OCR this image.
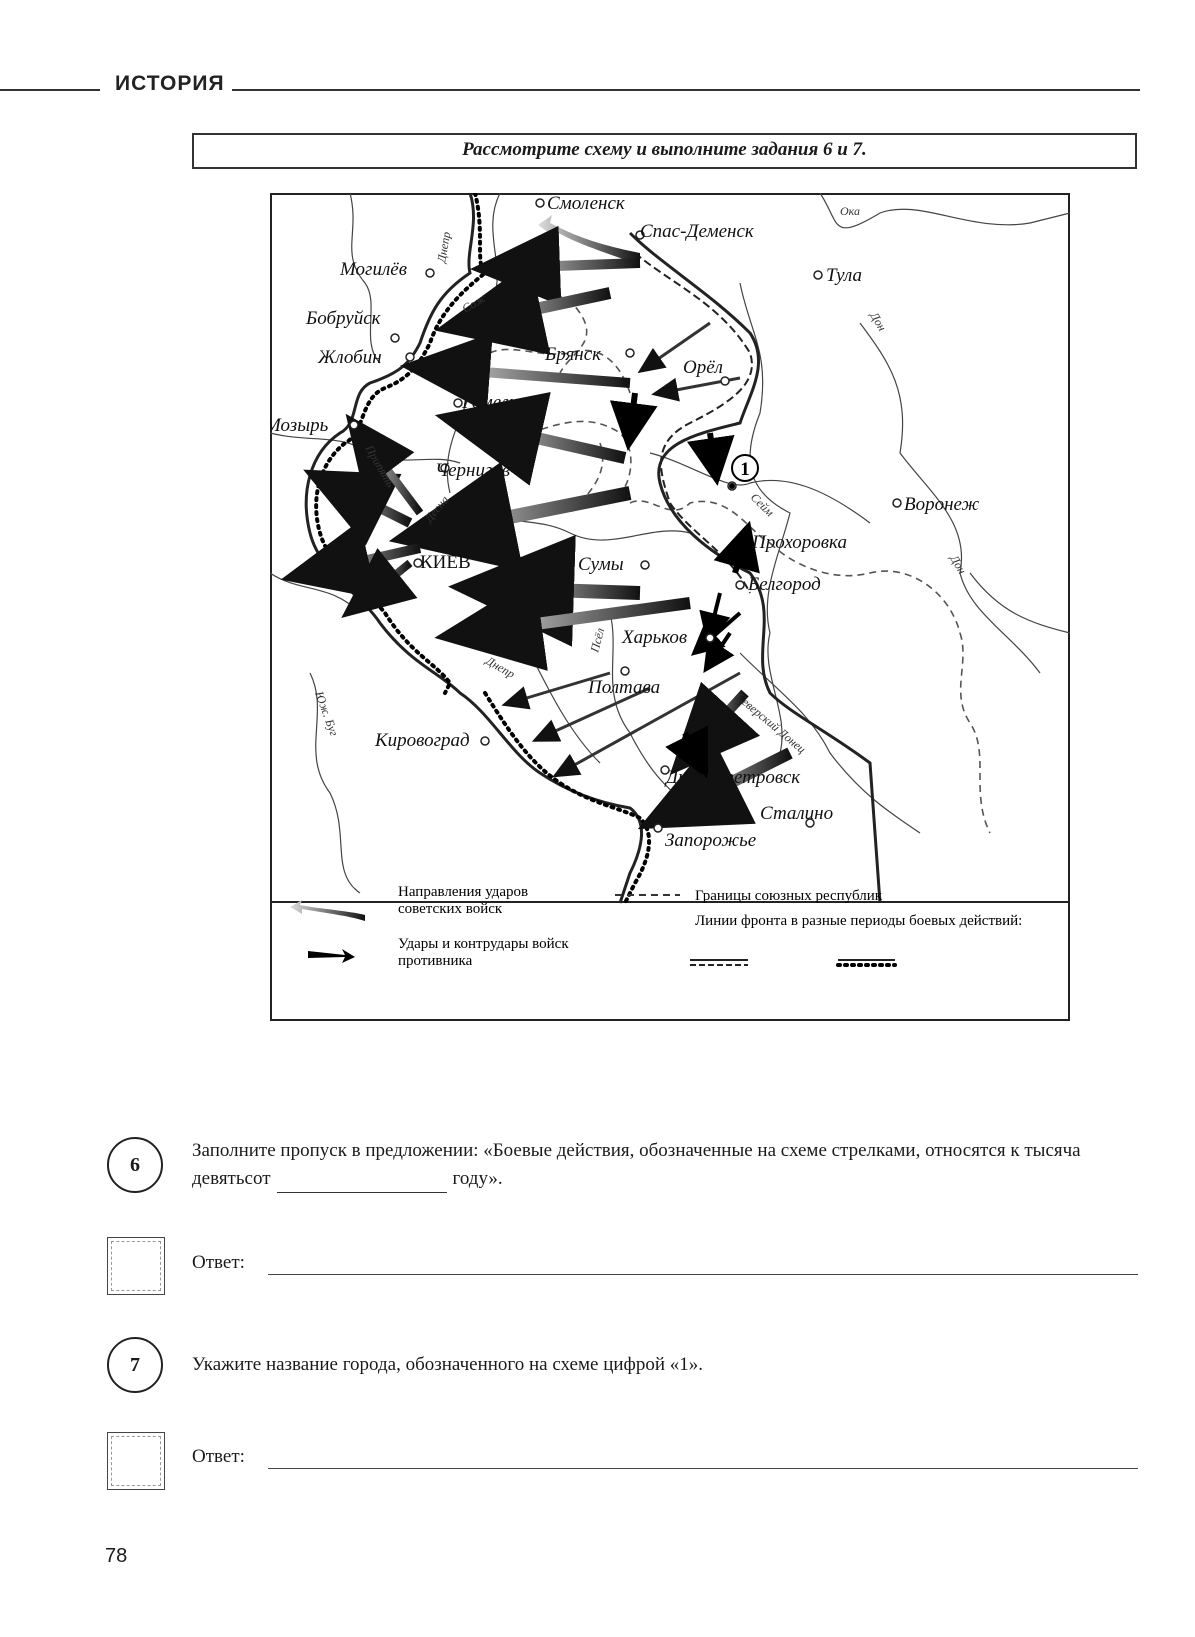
ИСТОРИЯ
Рассмотрите схему и выполните задания 6 и 7.
1
Смоленск
Спас-Деменск
Могилёв	Тула
Бобруйск
Жлобин	Брянск
Орёл
Гомель
Мозырь
Чернигов
Воронеж
Прохоровка
КИЕВ	Сумы
Белгород
Харьков
Полтава
Кировоград
Днепропетровск
Сталино
Запорожье
Ока
Дон
Дон
Днепр
Сож
Припять
Десна	Сейм
Псёл
Днепр
Юж. Буг	Северский Донец
Направления ударов советских войск
Удары и контрудары войск противника
Границы союзных республик
Линии фронта в разные периоды боевых действий:
6
Заполните пропуск в предложении: «Боевые действия, обозначенные на схеме стрелками, относятся к тысяча девятьсот	году».
Ответ:
7	Укажите название города, обозначенного на схеме цифрой «1».
Ответ:
78
